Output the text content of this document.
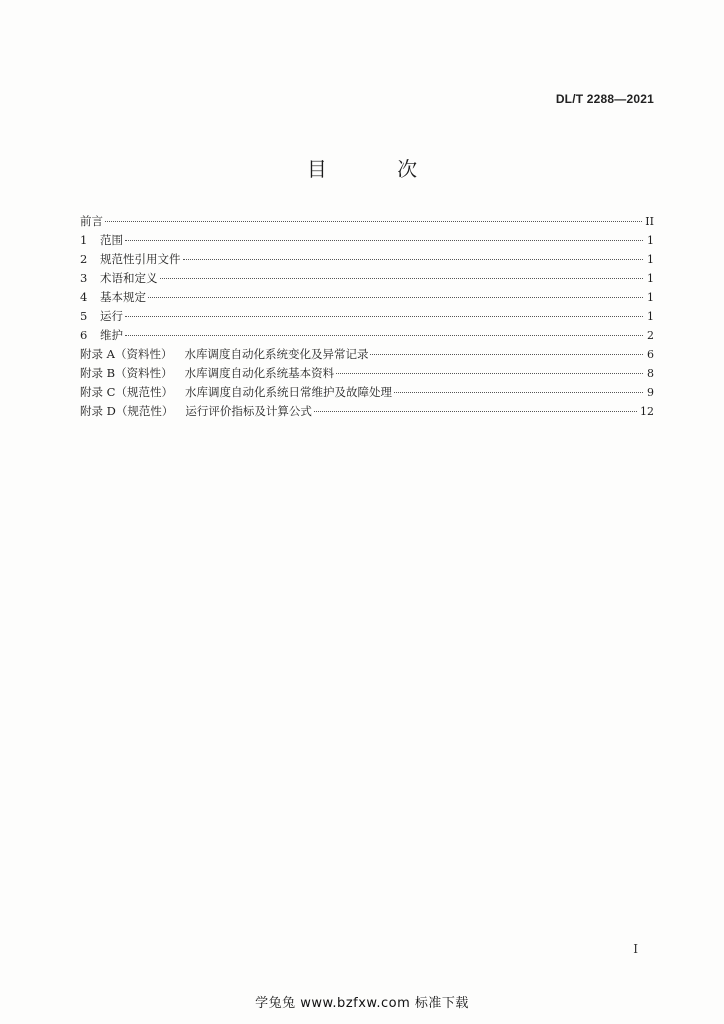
DL/T 2288—2021
目 次
前言	II
1	范围	1
2	规范性引用文件	1
3	术语和定义	1
4	基本规定	1
5	运行	1
6	维护	2
附录 A（资料性） 水库调度自动化系统变化及异常记录	6
附录 B（资料性） 水库调度自动化系统基本资料	8
附录 C（规范性） 水库调度自动化系统日常维护及故障处理	9
附录 D（规范性） 运行评价指标及计算公式	12
I
学兔兔 www.bzfxw.com 标准下载
